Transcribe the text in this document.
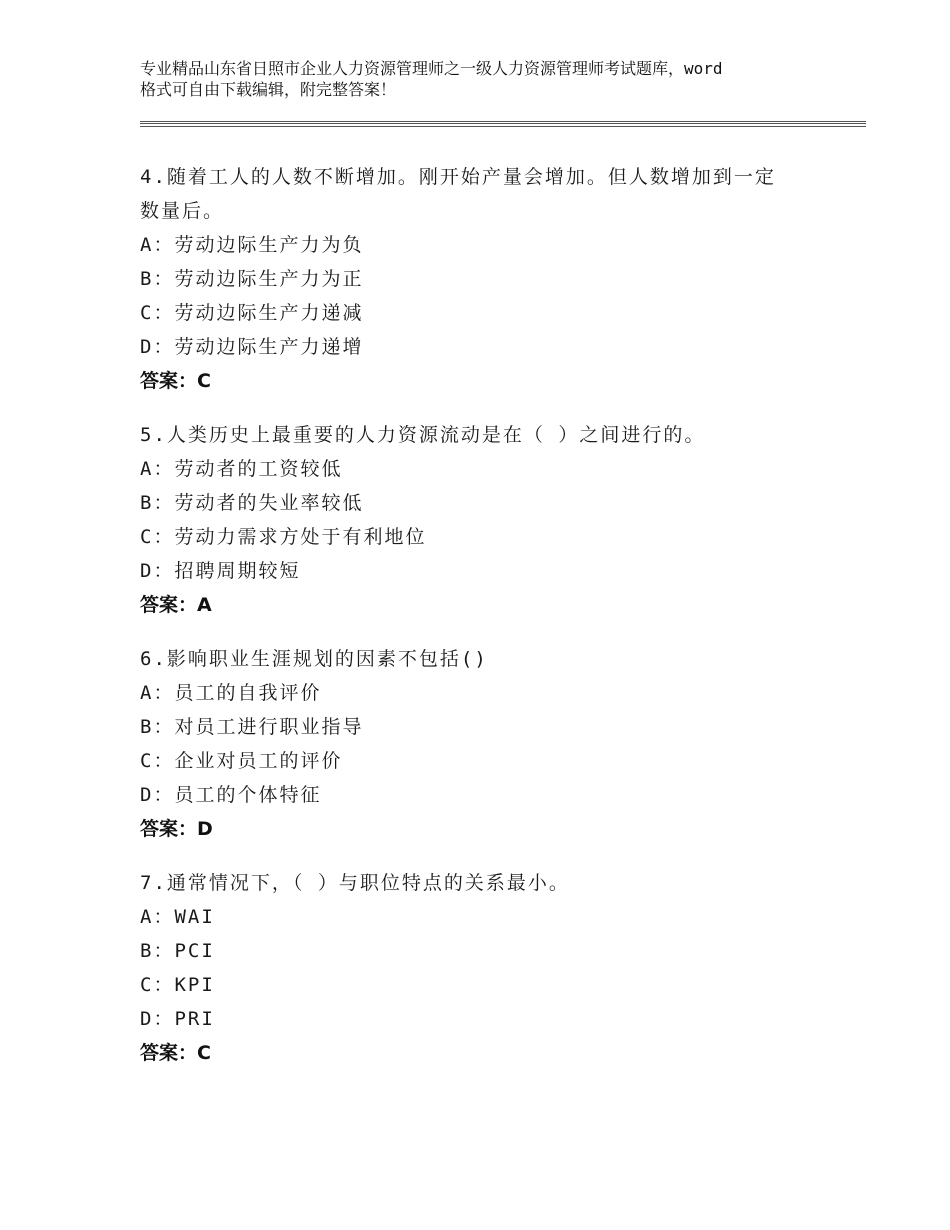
专业精品山东省日照市企业人力资源管理师之一级人力资源管理师考试题库，word
格式可自由下载编辑，附完整答案！
4.随着工人的人数不断增加。刚开始产量会增加。但人数增加到一定
数量后。
A：劳动边际生产力为负
B：劳动边际生产力为正
C：劳动边际生产力递减
D：劳动边际生产力递增
答案：C
5.人类历史上最重要的人力资源流动是在（ ）之间进行的。
A：劳动者的工资较低
B：劳动者的失业率较低
C：劳动力需求方处于有利地位
D：招聘周期较短
答案：A
6.影响职业生涯规划的因素不包括()
A：员工的自我评价
B：对员工进行职业指导
C：企业对员工的评价
D：员工的个体特征
答案：D
7.通常情况下，（ ）与职位特点的关系最小。
A：WAI
B：PCI
C：KPI
D：PRI
答案：C
